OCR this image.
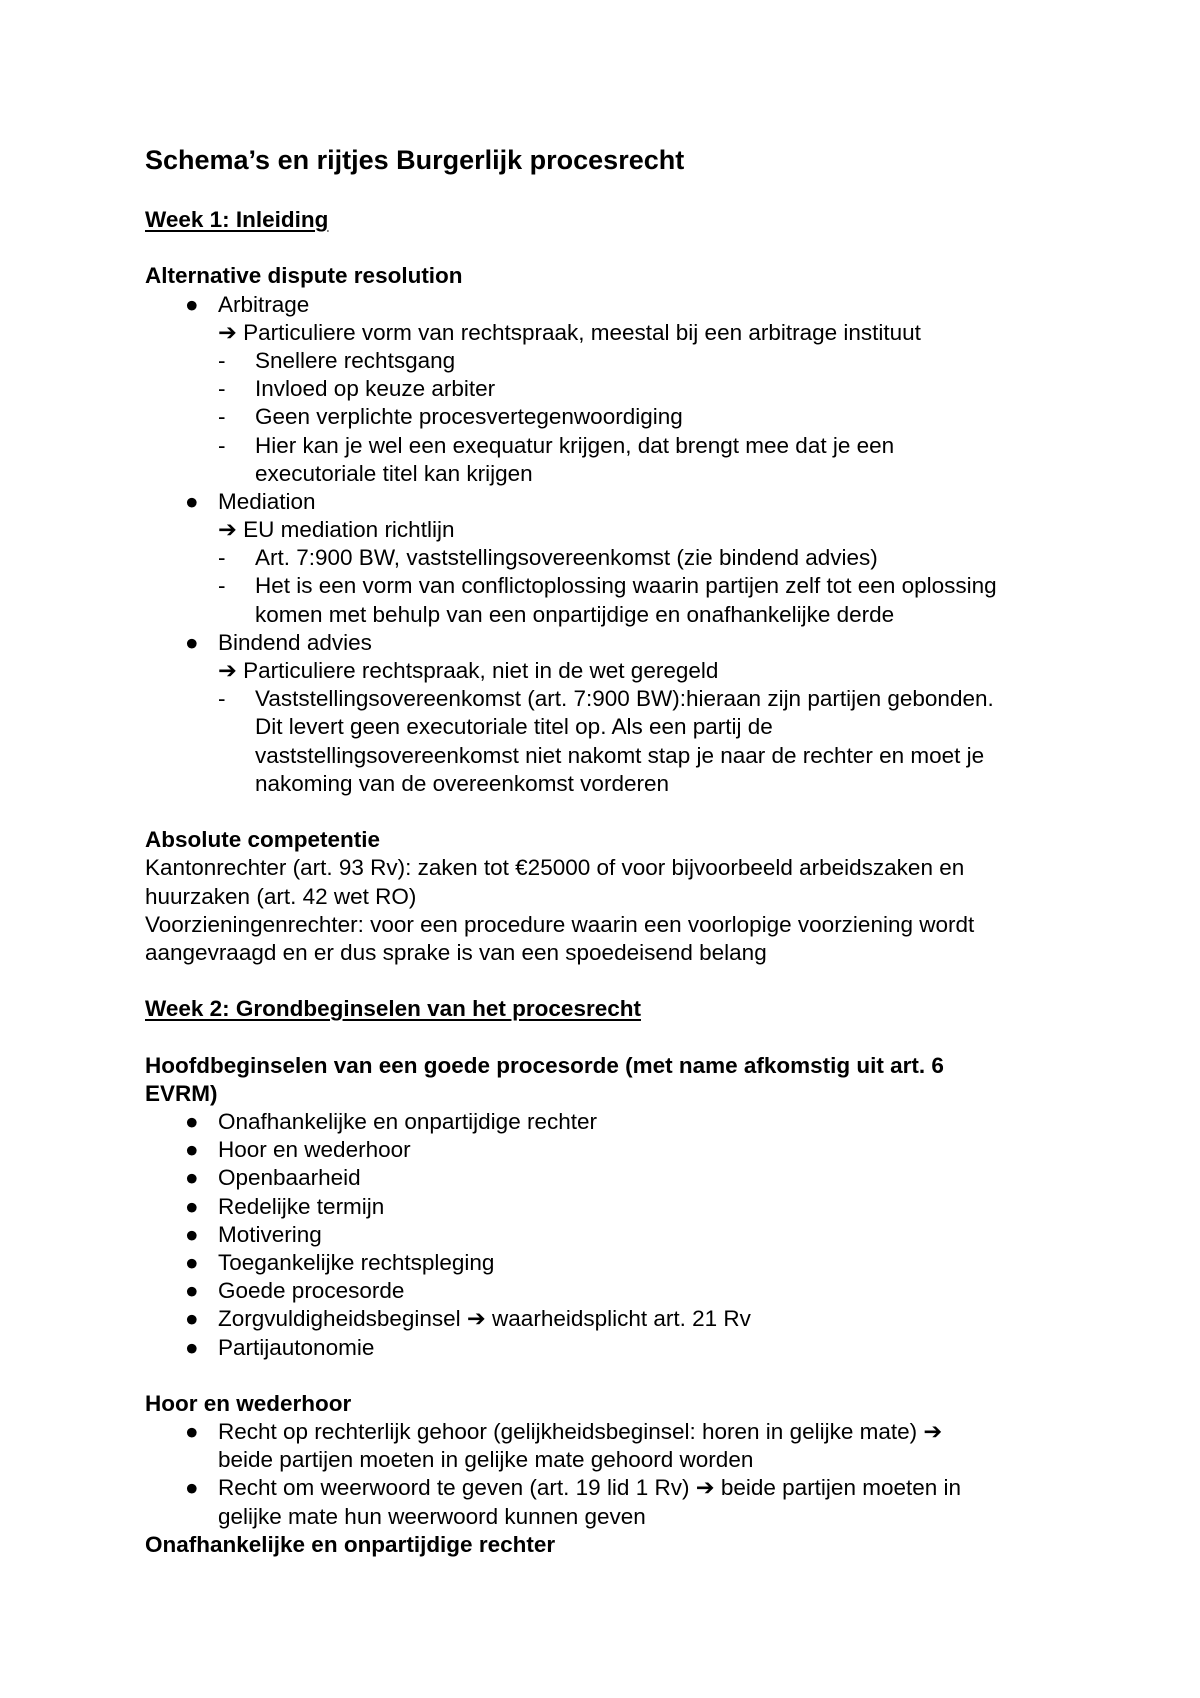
Schema’s en rijtjes Burgerlijk procesrecht
Week 1: Inleiding
Alternative dispute resolution
● Arbitrage
➔ Particuliere vorm van rechtspraak, meestal bij een arbitrage instituut
- Snellere rechtsgang
- Invloed op keuze arbiter
- Geen verplichte procesvertegenwoordiging
- Hier kan je wel een exequatur krijgen, dat brengt mee dat je een
executoriale titel kan krijgen
● Mediation
➔ EU mediation richtlijn
- Art. 7:900 BW, vaststellingsovereenkomst (zie bindend advies)
- Het is een vorm van conflictoplossing waarin partijen zelf tot een oplossing
komen met behulp van een onpartijdige en onafhankelijke derde
● Bindend advies
➔ Particuliere rechtspraak, niet in de wet geregeld
- Vaststellingsovereenkomst (art. 7:900 BW):hieraan zijn partijen gebonden.
Dit levert geen executoriale titel op. Als een partij de
vaststellingsovereenkomst niet nakomt stap je naar de rechter en moet je
nakoming van de overeenkomst vorderen
Absolute competentie
Kantonrechter (art. 93 Rv): zaken tot €25000 of voor bijvoorbeeld arbeidszaken en
huurzaken (art. 42 wet RO)
Voorzieningenrechter: voor een procedure waarin een voorlopige voorziening wordt
aangevraagd en er dus sprake is van een spoedeisend belang
Week 2: Grondbeginselen van het procesrecht
Hoofdbeginselen van een goede procesorde (met name afkomstig uit art. 6
EVRM)
● Onafhankelijke en onpartijdige rechter
● Hoor en wederhoor
● Openbaarheid
● Redelijke termijn
● Motivering
● Toegankelijke rechtspleging
● Goede procesorde
● Zorgvuldigheidsbeginsel ➔ waarheidsplicht art. 21 Rv
● Partijautonomie
Hoor en wederhoor
● Recht op rechterlijk gehoor (gelijkheidsbeginsel: horen in gelijke mate) ➔
beide partijen moeten in gelijke mate gehoord worden
● Recht om weerwoord te geven (art. 19 lid 1 Rv) ➔ beide partijen moeten in
gelijke mate hun weerwoord kunnen geven
Onafhankelijke en onpartijdige rechter
